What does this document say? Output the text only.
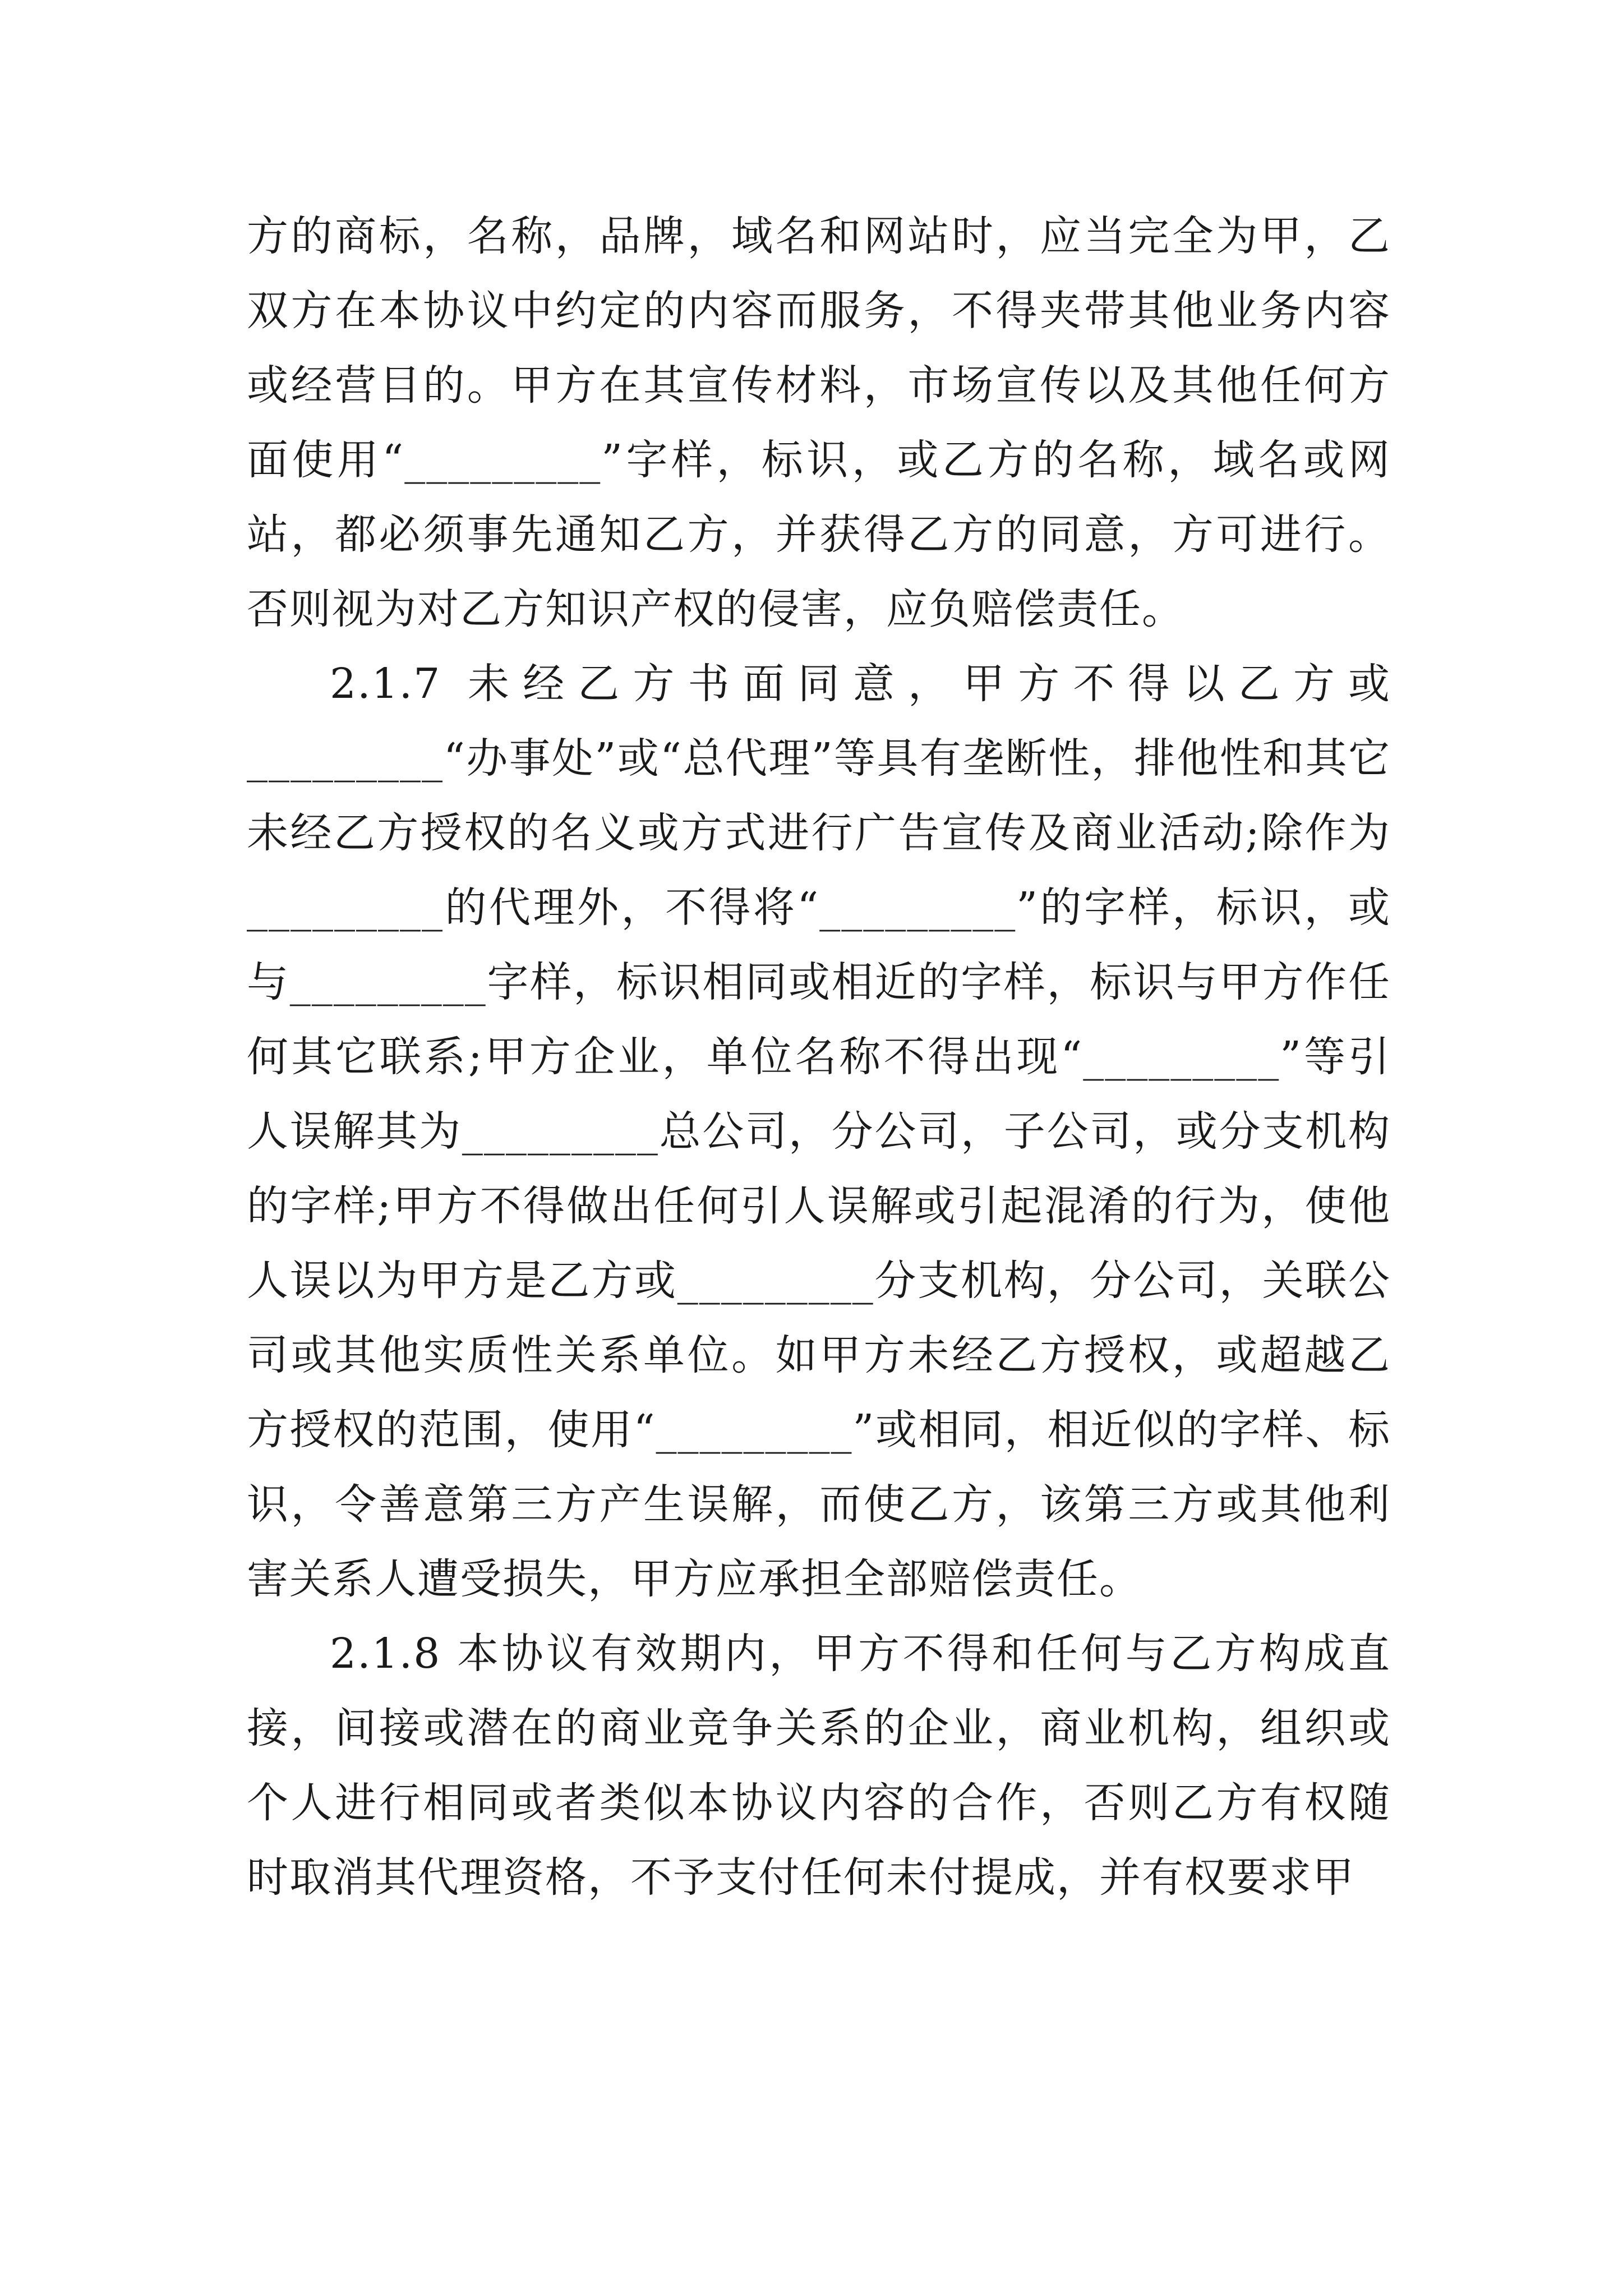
方的商标，名称，品牌，域名和网站时，应当完全为甲，乙双方在本协议中约定的内容而服务，不得夹带其他业务内容或经营目的。甲方在其宣传材料，市场宣传以及其他任何方面使用“_________”字样，标识，或乙方的名称，域名或网站，都必须事先通知乙方，并获得乙方的同意，方可进行。否则视为对乙方知识产权的侵害，应负赔偿责任。

2.1.7 未经乙方书面同意，甲方不得以乙方或_________“办事处”或“总代理”等具有垄断性，排他性和其它未经乙方授权的名义或方式进行广告宣传及商业活动;除作为_________的代理外，不得将“_________”的字样，标识，或与_________字样，标识相同或相近的字样，标识与甲方作任何其它联系;甲方企业，单位名称不得出现“_________”等引人误解其为_________总公司，分公司，子公司，或分支机构的字样;甲方不得做出任何引人误解或引起混淆的行为，使他人误以为甲方是乙方或_________分支机构，分公司，关联公司或其他实质性关系单位。如甲方未经乙方授权，或超越乙方授权的范围，使用“_________”或相同，相近似的字样、标识，令善意第三方产生误解，而使乙方，该第三方或其他利害关系人遭受损失，甲方应承担全部赔偿责任。

2.1.8 本协议有效期内，甲方不得和任何与乙方构成直接，间接或潜在的商业竞争关系的企业，商业机构，组织或个人进行相同或者类似本协议内容的合作，否则乙方有权随时取消其代理资格，不予支付任何未付提成，并有权要求甲
